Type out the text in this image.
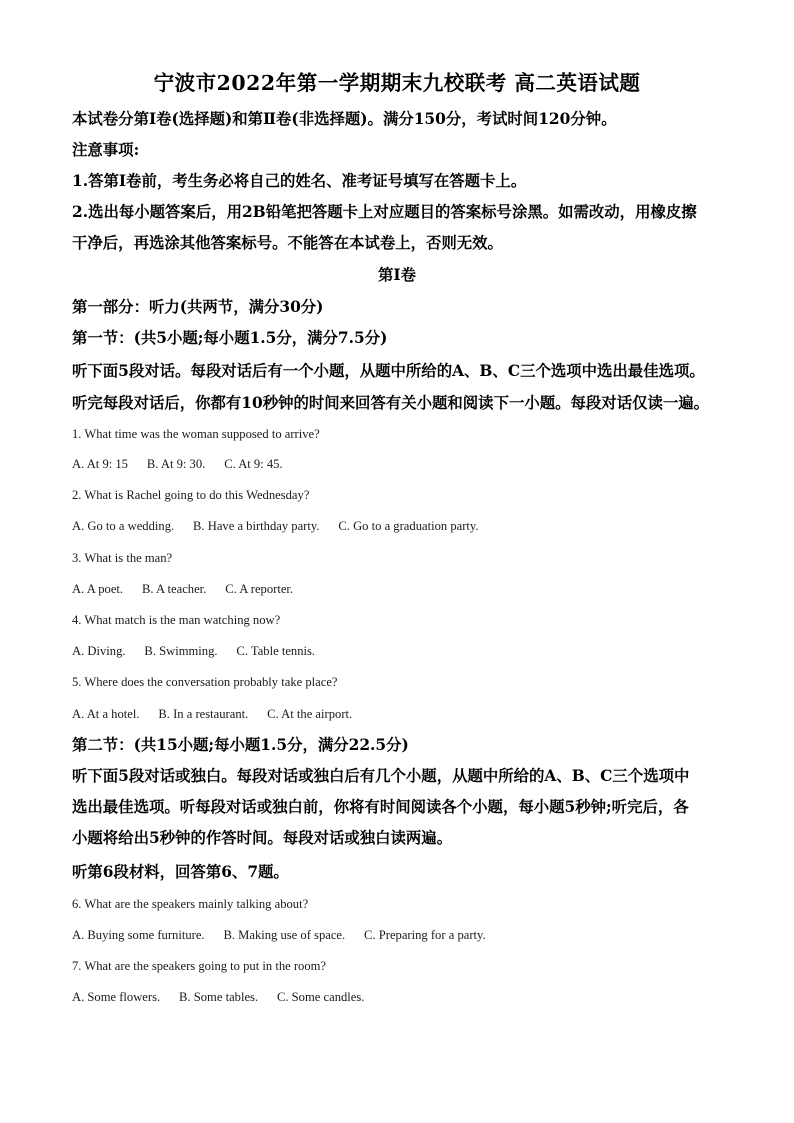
宁波市2022年第一学期期末九校联考 高二英语试题
本试卷分第Ⅰ卷(选择题)和第Ⅱ卷(非选择题)。满分150分，考试时间120分钟。
注意事项:
1.答第Ⅰ卷前，考生务必将自己的姓名、准考证号填写在答题卡上。
2.选出每小题答案后，用2B铅笔把答题卡上对应题目的答案标号涂黑。如需改动，用橡皮擦
干净后，再选涂其他答案标号。不能答在本试卷上，否则无效。
第Ⅰ卷
第一部分：听力(共两节，满分30分)
第一节：(共5小题;每小题1.5分，满分7.5分)
听下面5段对话。每段对话后有一个小题，从题中所给的A、B、C三个选项中选出最佳选项。
听完每段对话后，你都有10秒钟的时间来回答有关小题和阅读下一小题。每段对话仅读一遍。
1. What time was the woman supposed to arrive?
A. At 9: 15      B. At 9: 30.      C. At 9: 45.
2. What is Rachel going to do this Wednesday?
A. Go to a wedding.      B. Have a birthday party.      C. Go to a graduation party.
3. What is the man?
A. A poet.      B. A teacher.      C. A reporter.
4. What match is the man watching now?
A. Diving.      B. Swimming.      C. Table tennis.
5. Where does the conversation probably take place?
A. At a hotel.      B. In a restaurant.      C. At the airport.
第二节：(共15小题;每小题1.5分，满分22.5分)
听下面5段对话或独白。每段对话或独白后有几个小题，从题中所给的A、B、C三个选项中
选出最佳选项。听每段对话或独白前，你将有时间阅读各个小题，每小题5秒钟;听完后，各
小题将给出5秒钟的作答时间。每段对话或独白读两遍。
听第6段材料，回答第6、7题。
6. What are the speakers mainly talking about?
A. Buying some furniture.      B. Making use of space.      C. Preparing for a party.
7. What are the speakers going to put in the room?
A. Some flowers.      B. Some tables.      C. Some candles.
